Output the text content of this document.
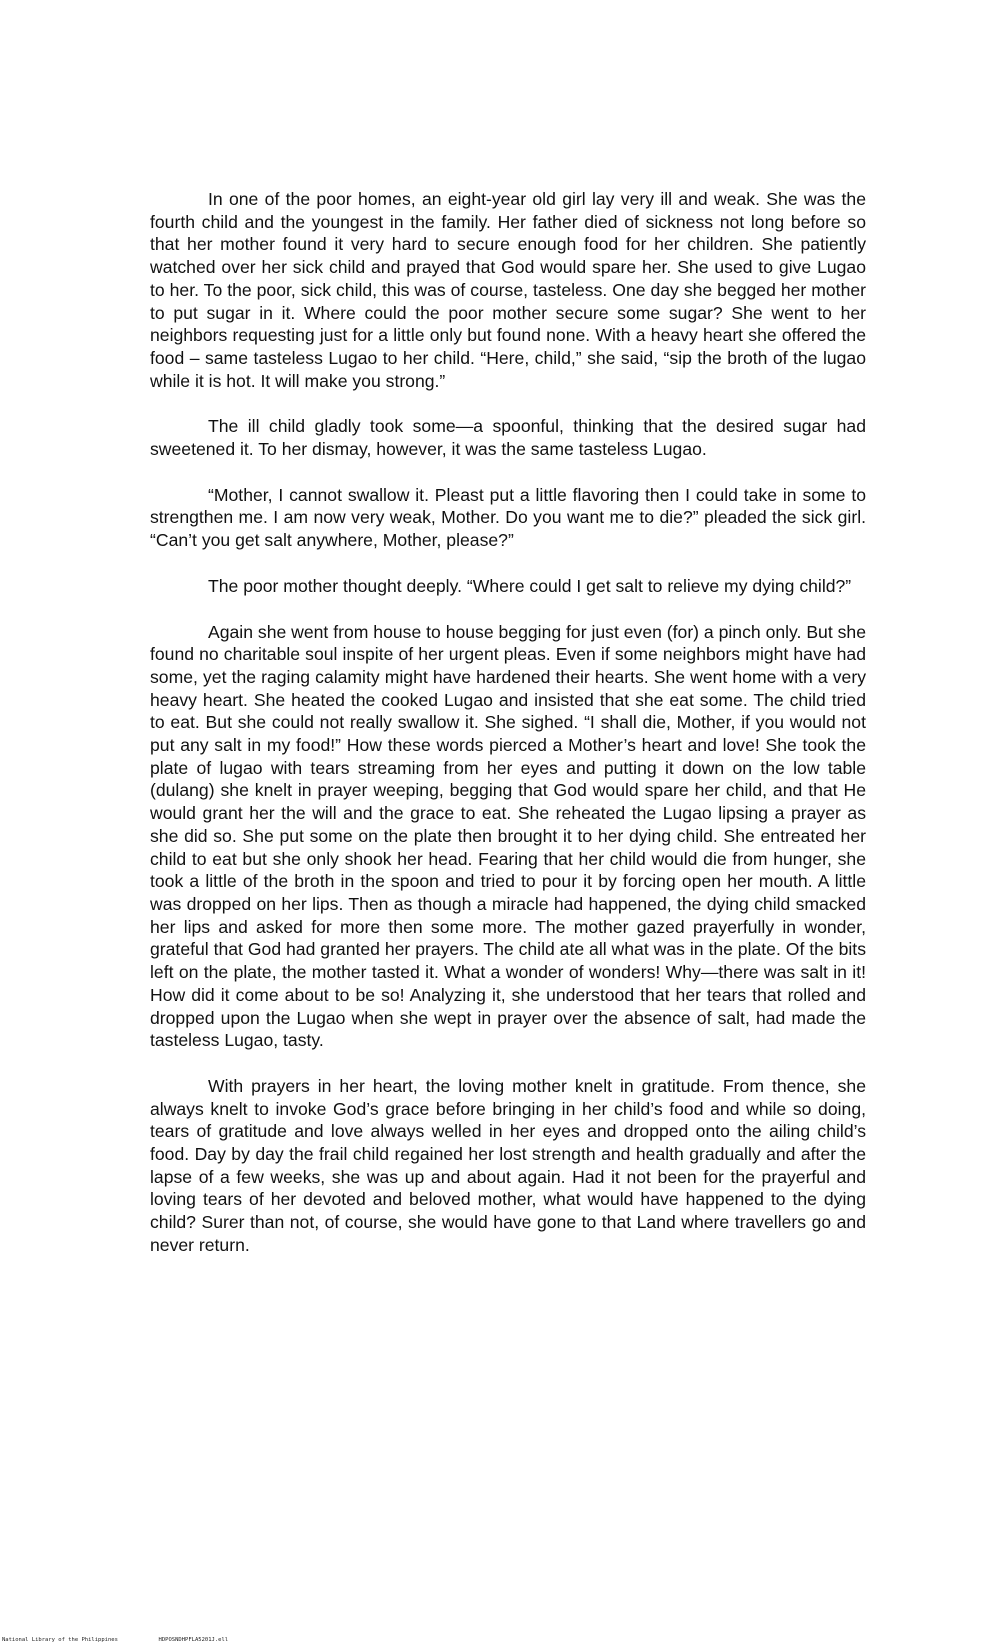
In one of the poor homes, an eight-year old girl lay very ill and weak. She was the fourth child and the youngest in the family. Her father died of sickness not long before so that her mother found it very hard to secure enough food for her children. She patiently watched over her sick child and prayed that God would spare her. She used to give Lugao to her. To the poor, sick child, this was of course, tasteless. One day she begged her mother to put sugar in it. Where could the poor mother secure some sugar? She went to her neighbors requesting just for a little only but found none. With a heavy heart she offered the food – same tasteless Lugao to her child. “Here, child,” she said, “sip the broth of the lugao while it is hot. It will make you strong.”

The ill child gladly took some—a spoonful, thinking that the desired sugar had sweetened it. To her dismay, however, it was the same tasteless Lugao.

“Mother, I cannot swallow it. Pleast put a little flavoring then I could take in some to strengthen me. I am now very weak, Mother. Do you want me to die?” pleaded the sick girl. “Can’t you get salt anywhere, Mother, please?”

The poor mother thought deeply. “Where could I get salt to relieve my dying child?”

Again she went from house to house begging for just even (for) a pinch only. But she found no charitable soul inspite of her urgent pleas. Even if some neighbors might have had some, yet the raging calamity might have hardened their hearts. She went home with a very heavy heart. She heated the cooked Lugao and insisted that she eat some. The child tried to eat. But she could not really swallow it. She sighed. “I shall die, Mother, if you would not put any salt in my food!” How these words pierced a Mother’s heart and love! She took the plate of lugao with tears streaming from her eyes and putting it down on the low table (dulang) she knelt in prayer weeping, begging that God would spare her child, and that He would grant her the will and the grace to eat. She reheated the Lugao lipsing a prayer as she did so. She put some on the plate then brought it to her dying child. She entreated her child to eat but she only shook her head. Fearing that her child would die from hunger, she took a little of the broth in the spoon and tried to pour it by forcing open her mouth. A little was dropped on her lips. Then as though a miracle had happened, the dying child smacked her lips and asked for more then some more. The mother gazed prayerfully in wonder, grateful that God had granted her prayers. The child ate all what was in the plate. Of the bits left on the plate, the mother tasted it. What a wonder of wonders! Why—there was salt in it! How did it come about to be so! Analyzing it, she understood that her tears that rolled and dropped upon the Lugao when she wept in prayer over the absence of salt, had made the tasteless Lugao, tasty.

With prayers in her heart, the loving mother knelt in gratitude. From thence, she always knelt to invoke God’s grace before bringing in her child’s food and while so doing, tears of gratitude and love always welled in her eyes and dropped onto the ailing child’s food. Day by day the frail child regained her lost strength and health gradually and after the lapse of a few weeks, she was up and about again. Had it not been for the prayerful and loving tears of her devoted and beloved mother, what would have happened to the dying child? Surer than not, of course, she would have gone to that Land where travellers go and never return.

National Library of the Philippines	HDPOSNDHPFLA5201J.ell
